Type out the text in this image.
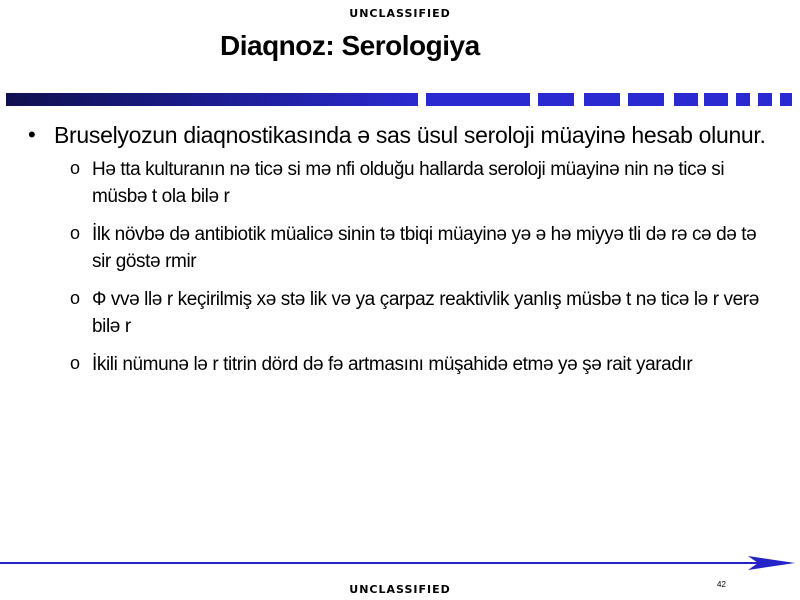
UNCLASSIFIED
Diaqnoz: Serologiya
• Bruselyozun diaqnostikasında ə sas üsul seroloji müayinə hesab olunur.
o Hə tta kulturanın nə ticə si mə nfi olduğu hallarda seroloji müayinə nin nə ticə si müsbə t ola bilə r
o İlk növbə də antibiotik müalicə sinin tə tbiqi müayinə yə ə hə miyyə tli də rə cə də tə sir göstə rmir
o Ф vvə llə r keçirilmiş xə stə lik və ya çarpaz reaktivlik yanlış müsbə t nə ticə lə r verə bilə r
o İkili nümunə lə r titrin dörd də fə artmasını müşahidə etmə yə şə rait yaradır
UNCLASSIFIED	42
